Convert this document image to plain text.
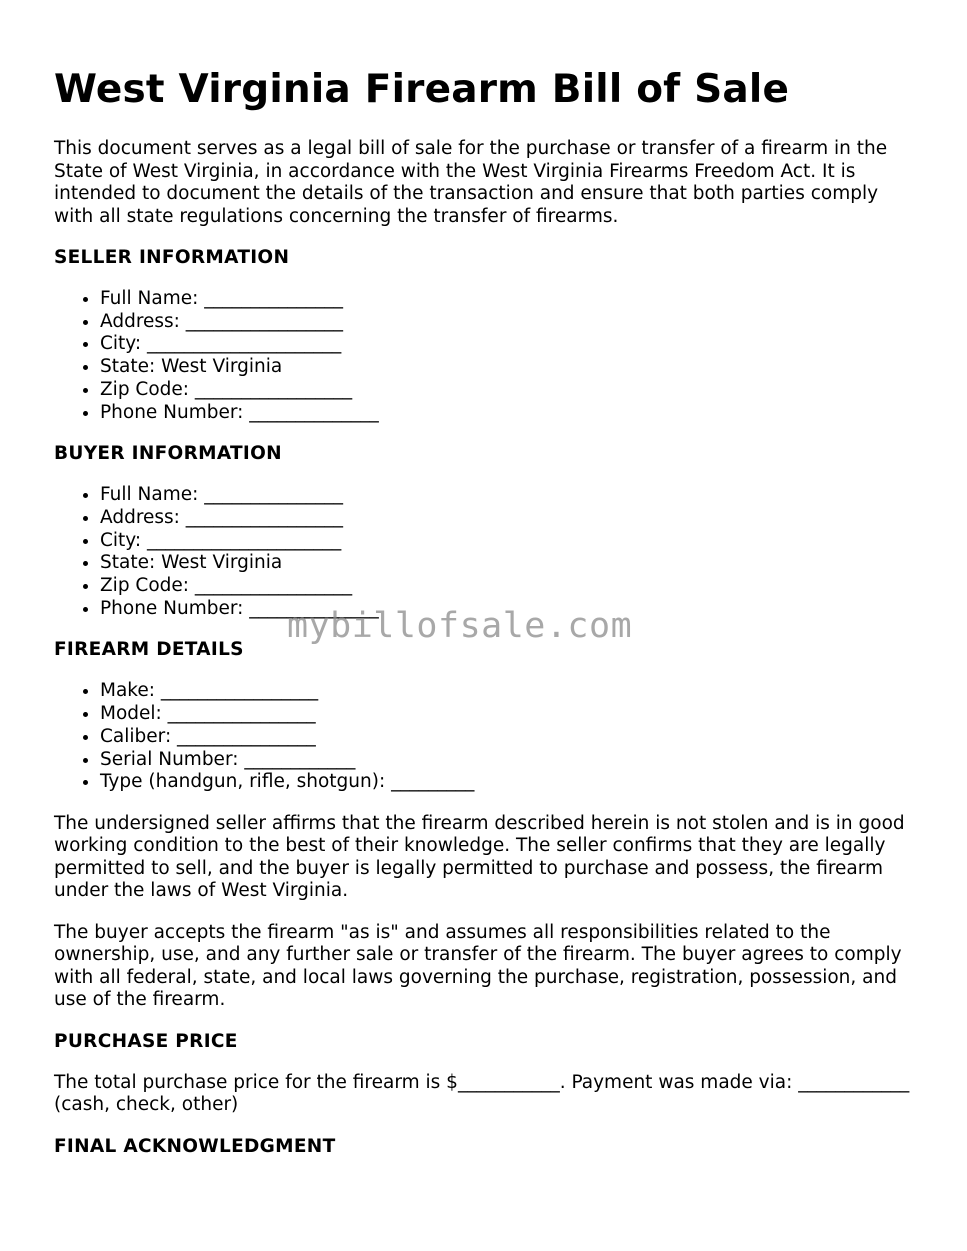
West Virginia Firearm Bill of Sale

This document serves as a legal bill of sale for the purchase or transfer of a firearm in the State of West Virginia, in accordance with the West Virginia Firearms Freedom Act. It is intended to document the details of the transaction and ensure that both parties comply with all state regulations concerning the transfer of firearms.

SELLER INFORMATION
• Full Name: _______________
• Address: _________________
• City: _____________________
• State: West Virginia
• Zip Code: _________________
• Phone Number: ______________
BUYER INFORMATION
• Full Name: _______________
• Address: _________________
• City: _____________________
• State: West Virginia
• Zip Code: _________________
• Phone Number: ______________
FIREARM DETAILS
• Make: _________________
• Model: ________________
• Caliber: _______________
• Serial Number: ____________
• Type (handgun, rifle, shotgun): _________

The undersigned seller affirms that the firearm described herein is not stolen and is in good working condition to the best of their knowledge. The seller confirms that they are legally permitted to sell, and the buyer is legally permitted to purchase and possess, the firearm under the laws of West Virginia.

The buyer accepts the firearm "as is" and assumes all responsibilities related to the ownership, use, and any further sale or transfer of the firearm. The buyer agrees to comply with all federal, state, and local laws governing the purchase, registration, possession, and use of the firearm.

PURCHASE PRICE

The total purchase price for the firearm is $___________. Payment was made via: ____________ (cash, check, other)

FINAL ACKNOWLEDGMENT
mybillofsale.com
